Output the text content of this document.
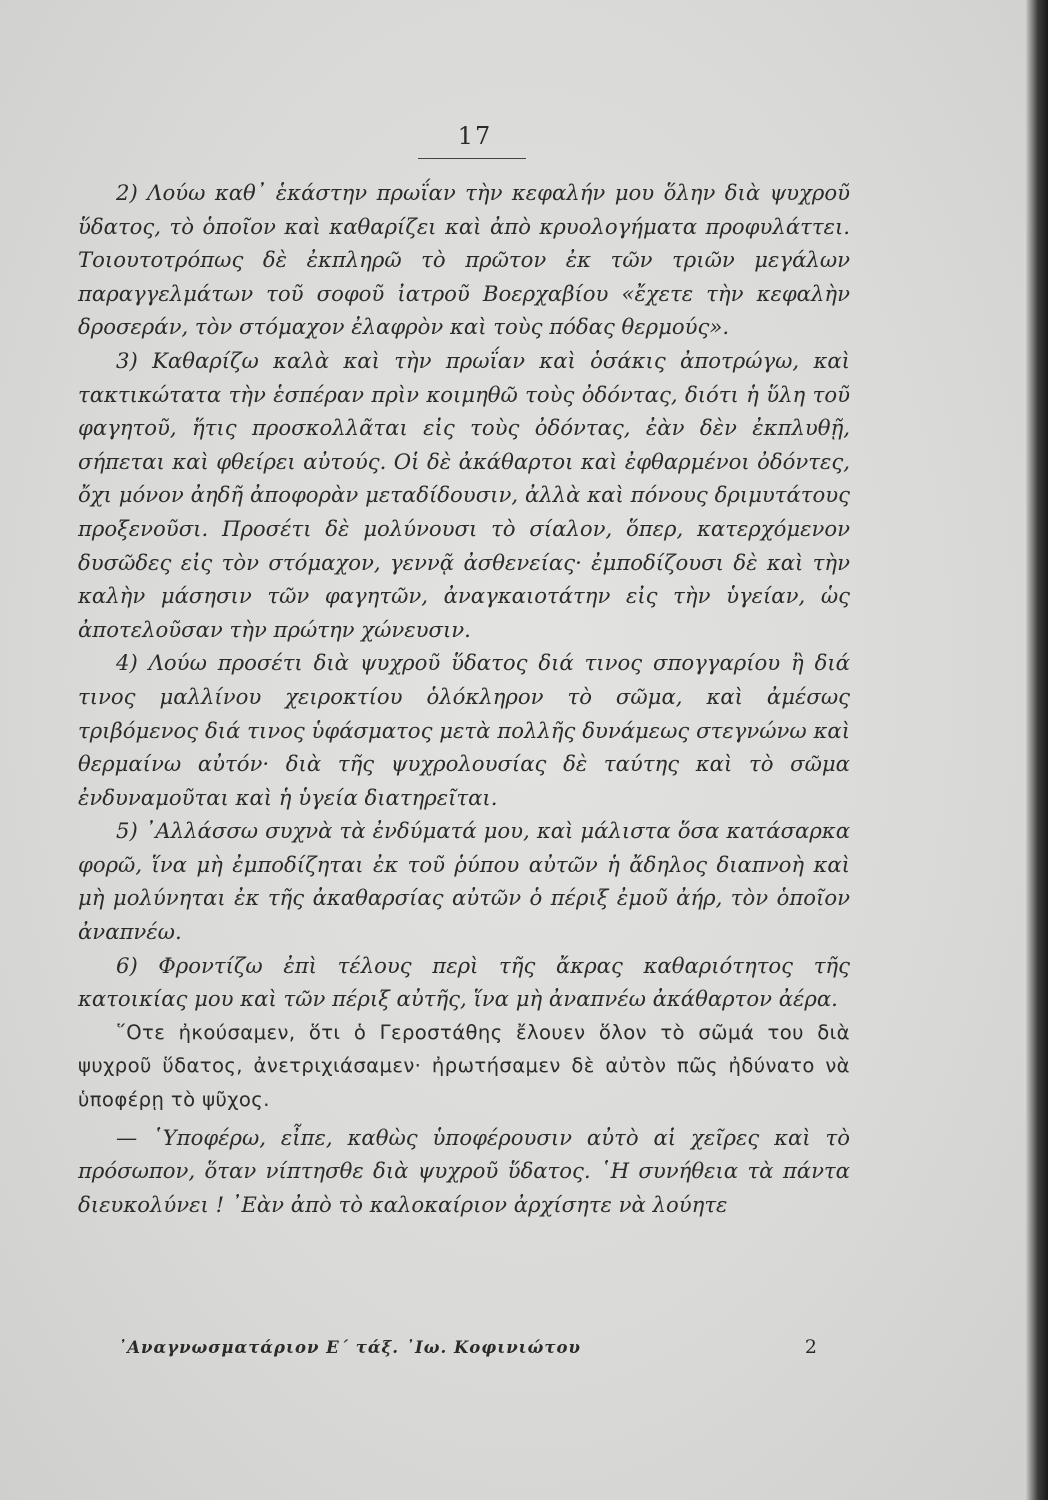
17

2) Λούω καθ᾿ ἑκάστην πρωΐαν τὴν κεφαλήν μου ὅλην διὰ ψυχροῦ ὕδατος, τὸ ὁποῖον καὶ καθαρίζει καὶ ἀπὸ κρυολογήματα προφυλάττει. Τοιουτοτρόπως δὲ ἐκπληρῶ τὸ πρῶτον ἐκ τῶν τριῶν μεγάλων παραγγελμάτων τοῦ σοφοῦ ἰατροῦ Βοερχαβίου «ἔχετε τὴν κεφαλὴν δροσεράν, τὸν στόμαχον ἐλαφρὸν καὶ τοὺς πόδας θερμούς».

3) Καθαρίζω καλὰ καὶ τὴν πρωΐαν καὶ ὁσάκις ἀποτρώγω, καὶ τακτικώτατα τὴν ἑσπέραν πρὶν κοιμηθῶ τοὺς ὀδόντας, διότι ἡ ὕλη τοῦ φαγητοῦ, ἥτις προσκολλᾶται εἰς τοὺς ὀδόντας, ἐὰν δὲν ἐκπλυθῇ, σήπεται καὶ φθείρει αὐτούς. Οἱ δὲ ἀκάθαρτοι καὶ ἐφθαρμένοι ὀδόντες, ὄχι μόνον ἀηδῆ ἀποφορὰν μεταδίδουσιν, ἀλλὰ καὶ πόνους δριμυτάτους προξενοῦσι. Προσέτι δὲ μολύνουσι τὸ σίαλον, ὅπερ, κατερχόμενον δυσῶδες εἰς τὸν στόμαχον, γεννᾷ ἀσθενείας· ἐμποδίζουσι δὲ καὶ τὴν καλὴν μάσησιν τῶν φαγητῶν, ἀναγκαιοτάτην εἰς τὴν ὑγείαν, ὡς ἀποτελοῦσαν τὴν πρώτην χώνευσιν.

4) Λούω προσέτι διὰ ψυχροῦ ὕδατος διά τινος σπογγαρίου ἢ διά τινος μαλλίνου χειροκτίου ὁλόκληρον τὸ σῶμα, καὶ ἀμέσως τριβόμενος διά τινος ὑφάσματος μετὰ πολλῆς δυνάμεως στεγνώνω καὶ θερμαίνω αὐτόν· διὰ τῆς ψυχρολουσίας δὲ ταύτης καὶ τὸ σῶμα ἐνδυναμοῦται καὶ ἡ ὑγεία διατηρεῖται.

5) ᾿Αλλάσσω συχνὰ τὰ ἐνδύματά μου, καὶ μάλιστα ὅσα κατάσαρκα φορῶ, ἵνα μὴ ἐμποδίζηται ἐκ τοῦ ῥύπου αὐτῶν ἡ ἄδηλος διαπνοὴ καὶ μὴ μολύνηται ἐκ τῆς ἀκαθαρσίας αὐτῶν ὁ πέριξ ἐμοῦ ἀήρ, τὸν ὁποῖον ἀναπνέω.

6) Φροντίζω ἐπὶ τέλους περὶ τῆς ἄκρας καθαριότητος τῆς κατοικίας μου καὶ τῶν πέριξ αὐτῆς, ἵνα μὴ ἀναπνέω ἀκάθαρτον ἀέρα.

῞Οτε ἠκούσαμεν, ὅτι ὁ Γεροστάθης ἔλουεν ὅλον τὸ σῶμά του διὰ ψυχροῦ ὕδατος, ἀνετριχιάσαμεν· ἠρωτήσαμεν δὲ αὐτὸν πῶς ἠδύνατο νὰ ὑποφέρῃ τὸ ψῦχος.

— ῾Υποφέρω, εἶπε, καθὼς ὑποφέρουσιν αὐτὸ αἱ χεῖρες καὶ τὸ πρόσωπον, ὅταν νίπτησθε διὰ ψυχροῦ ὕδατος. ῾Η συνήθεια τὰ πάντα διευκολύνει ! ᾿Εὰν ἀπὸ τὸ καλοκαίριον ἀρχίσητε νὰ λούητε

᾿Αναγνωσματάριον Ε΄ τάξ. ᾿Ιω. Κοφινιώτου	2
